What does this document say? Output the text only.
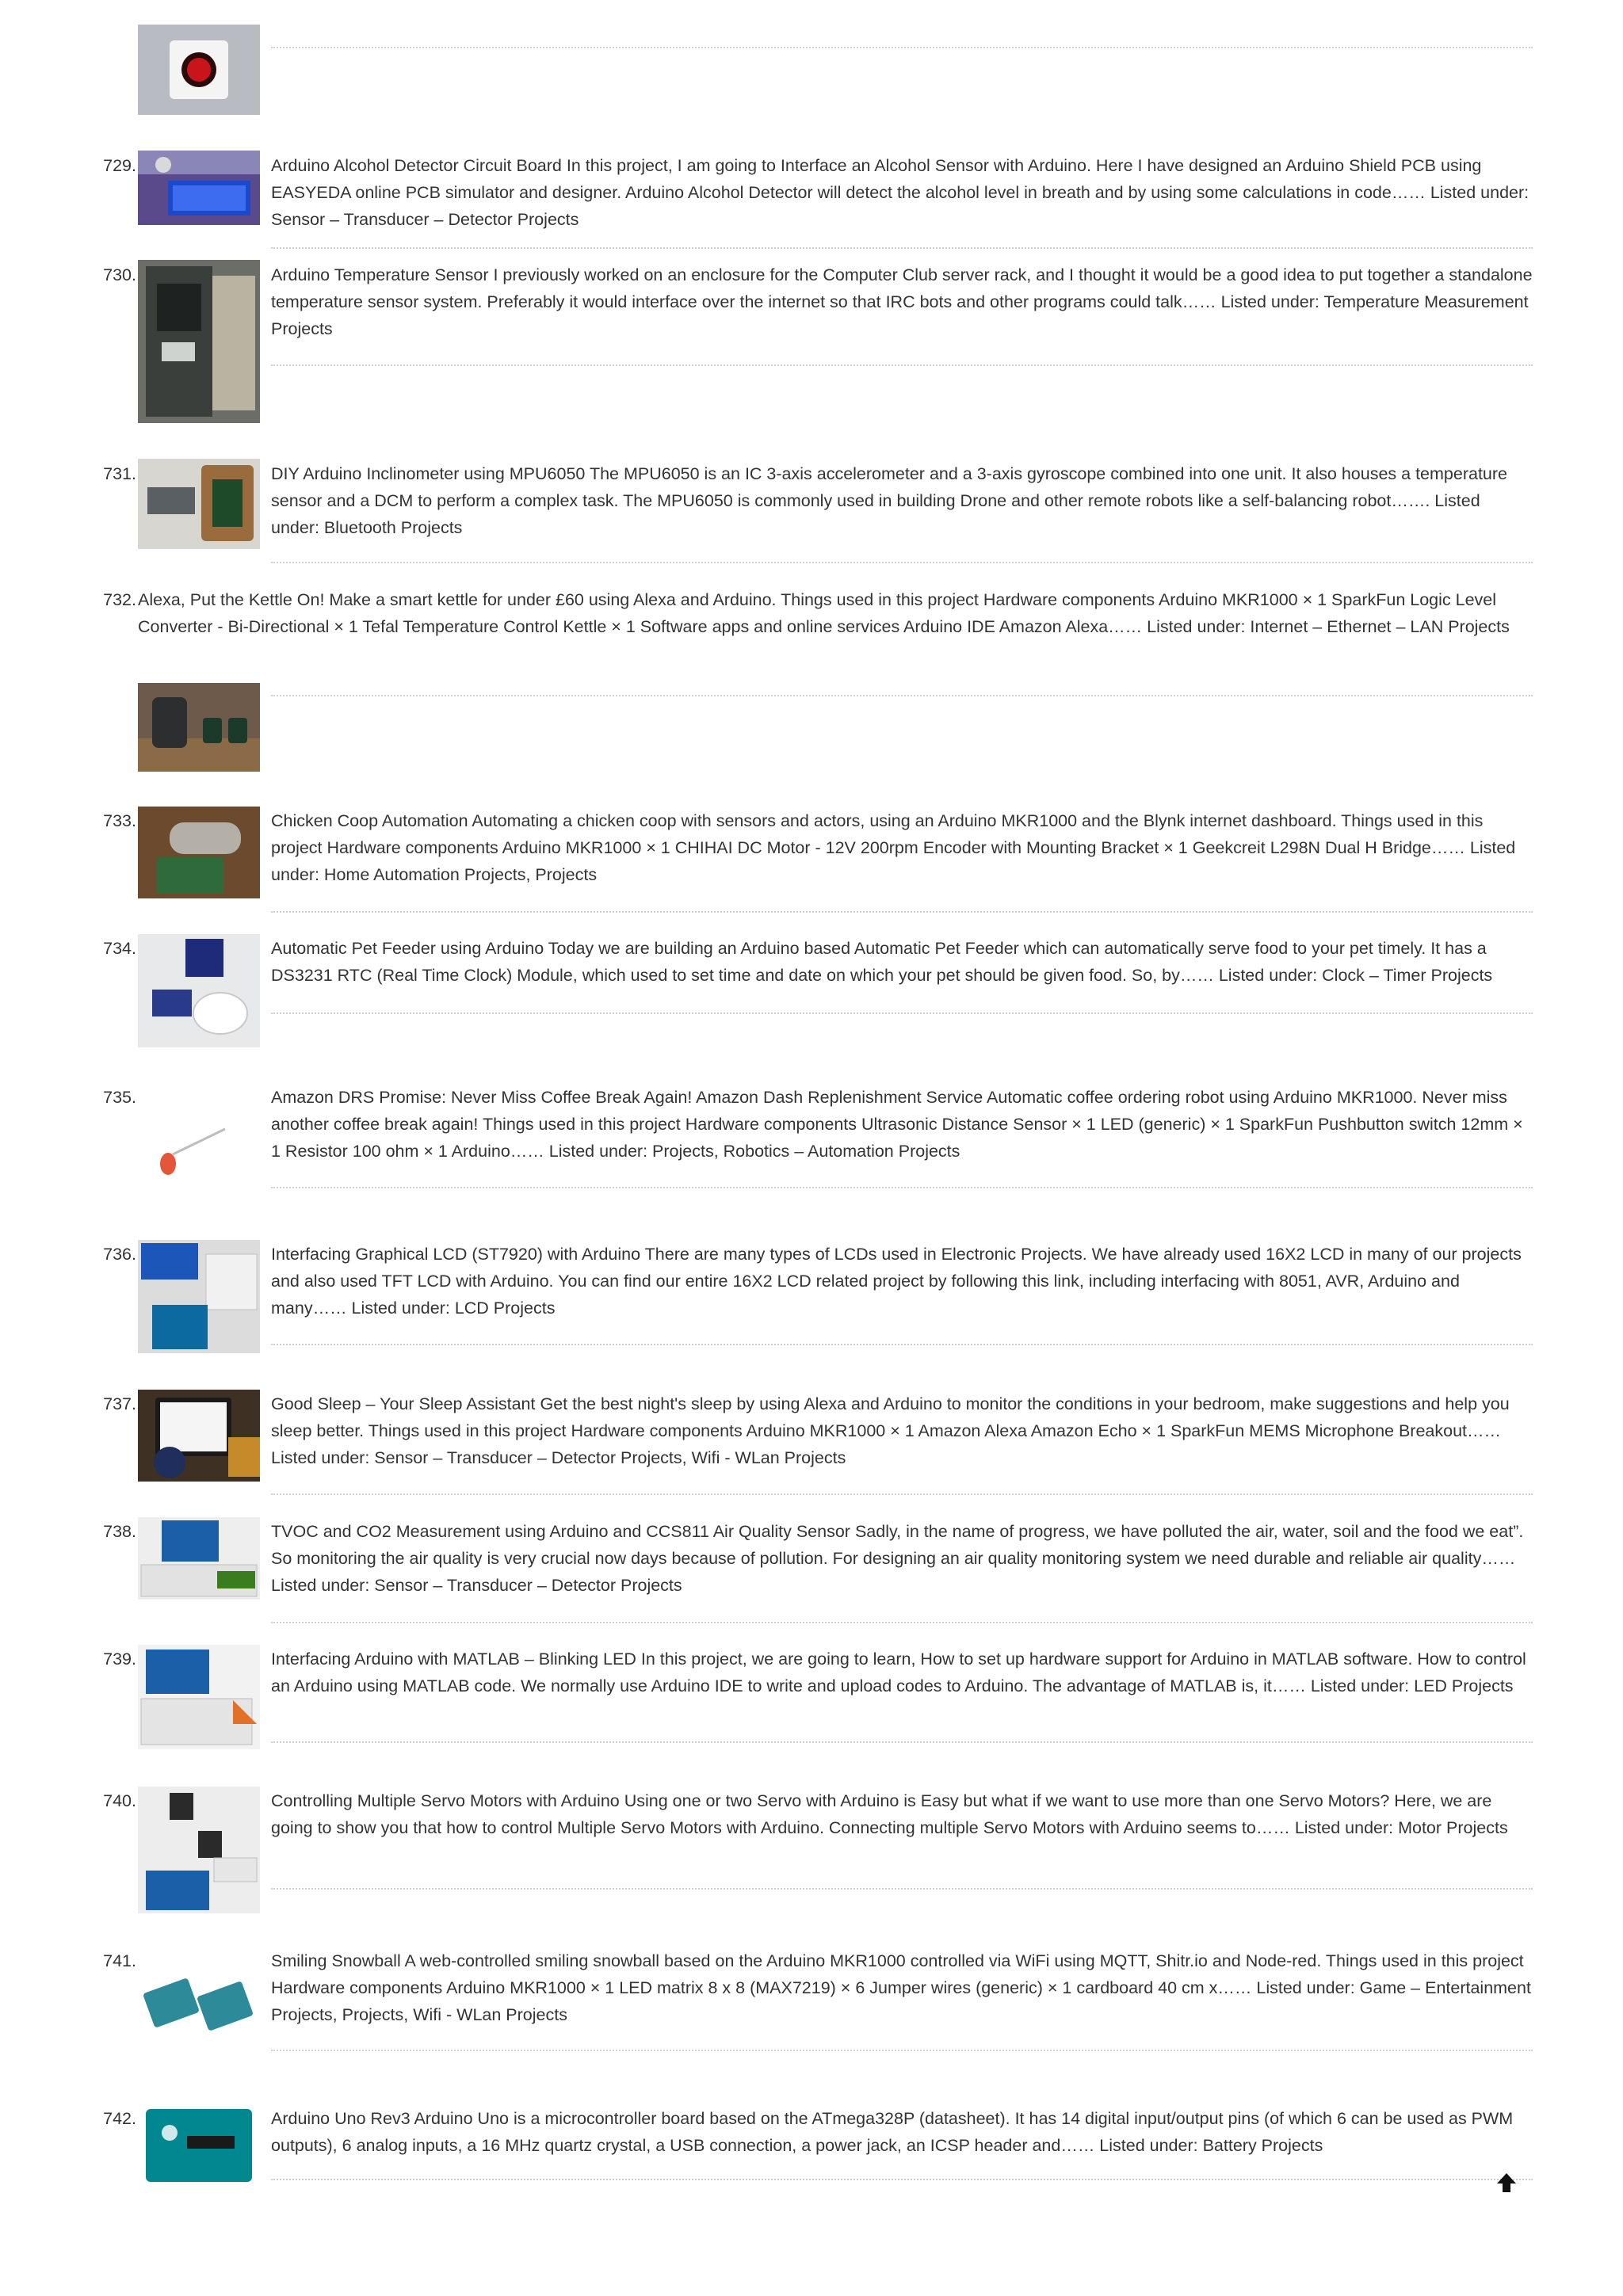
729.	Arduino Alcohol Detector Circuit Board In this project, I am going to Interface an Alcohol Sensor with Arduino. Here I have designed an Arduino Shield PCB using EASYEDA online PCB simulator and designer. Arduino Alcohol Detector will detect the alcohol level in breath and by using some calculations in code…… Listed under: Sensor – Transducer – Detector Projects

730.	Arduino Temperature Sensor I previously worked on an enclosure for the Computer Club server rack, and I thought it would be a good idea to put together a standalone temperature sensor system. Preferably it would interface over the internet so that IRC bots and other programs could talk…… Listed under: Temperature Measurement Projects

731.	DIY Arduino Inclinometer using MPU6050 The MPU6050 is an IC 3-axis accelerometer and a 3-axis gyroscope combined into one unit. It also houses a temperature sensor and a DCM to perform a complex task. The MPU6050 is commonly used in building Drone and other remote robots like a self-balancing robot……. Listed under: Bluetooth Projects

732. Alexa, Put the Kettle On! Make a smart kettle for under £60 using Alexa and Arduino. Things used in this project Hardware components Arduino MKR1000 × 1 SparkFun Logic Level Converter - Bi-Directional × 1 Tefal Temperature Control Kettle × 1 Software apps and online services Arduino IDE Amazon Alexa…… Listed under: Internet – Ethernet – LAN Projects

733.	Chicken Coop Automation Automating a chicken coop with sensors and actors, using an Arduino MKR1000 and the Blynk internet dashboard. Things used in this project Hardware components Arduino MKR1000 × 1 CHIHAI DC Motor - 12V 200rpm Encoder with Mounting Bracket × 1 Geekcreit L298N Dual H Bridge…… Listed under: Home Automation Projects, Projects

734.	Automatic Pet Feeder using Arduino Today we are building an Arduino based Automatic Pet Feeder which can automatically serve food to your pet timely. It has a DS3231 RTC (Real Time Clock) Module, which used to set time and date on which your pet should be given food. So, by…… Listed under: Clock – Timer Projects

735.	Amazon DRS Promise: Never Miss Coffee Break Again! Amazon Dash Replenishment Service Automatic coffee ordering robot using Arduino MKR1000. Never miss another coffee break again! Things used in this project Hardware components Ultrasonic Distance Sensor × 1 LED (generic) × 1 SparkFun Pushbutton switch 12mm × 1 Resistor 100 ohm × 1 Arduino…… Listed under: Projects, Robotics – Automation Projects

736.	Interfacing Graphical LCD (ST7920) with Arduino There are many types of LCDs used in Electronic Projects. We have already used 16X2 LCD in many of our projects and also used TFT LCD with Arduino. You can find our entire 16X2 LCD related project by following this link, including interfacing with 8051, AVR, Arduino and many…… Listed under: LCD Projects

737.	Good Sleep – Your Sleep Assistant Get the best night's sleep by using Alexa and Arduino to monitor the conditions in your bedroom, make suggestions and help you sleep better. Things used in this project Hardware components Arduino MKR1000 × 1 Amazon Alexa Amazon Echo × 1 SparkFun MEMS Microphone Breakout…… Listed under: Sensor – Transducer – Detector Projects, Wifi - WLan Projects

738.	TVOC and CO2 Measurement using Arduino and CCS811 Air Quality Sensor Sadly, in the name of progress, we have polluted the air, water, soil and the food we eat”. So monitoring the air quality is very crucial now days because of pollution. For designing an air quality monitoring system we need durable and reliable air quality…… Listed under: Sensor – Transducer – Detector Projects

739.	Interfacing Arduino with MATLAB – Blinking LED In this project, we are going to learn, How to set up hardware support for Arduino in MATLAB software. How to control an Arduino using MATLAB code. We normally use Arduino IDE to write and upload codes to Arduino. The advantage of MATLAB is, it…… Listed under: LED Projects

740.	Controlling Multiple Servo Motors with Arduino Using one or two Servo with Arduino is Easy but what if we want to use more than one Servo Motors? Here, we are going to show you that how to control Multiple Servo Motors with Arduino. Connecting multiple Servo Motors with Arduino seems to…… Listed under: Motor Projects

741.	Smiling Snowball A web-controlled smiling snowball based on the Arduino MKR1000 controlled via WiFi using MQTT, Shitr.io and Node-red. Things used in this project Hardware components Arduino MKR1000 × 1 LED matrix 8 x 8 (MAX7219) × 6 Jumper wires (generic) × 1 cardboard 40 cm x…… Listed under: Game – Entertainment Projects, Projects, Wifi - WLan Projects

742.	Arduino Uno Rev3 Arduino Uno is a microcontroller board based on the ATmega328P (datasheet). It has 14 digital input/output pins (of which 6 can be used as PWM outputs), 6 analog inputs, a 16 MHz quartz crystal, a USB connection, a power jack, an ICSP header and…… Listed under: Battery Projects
